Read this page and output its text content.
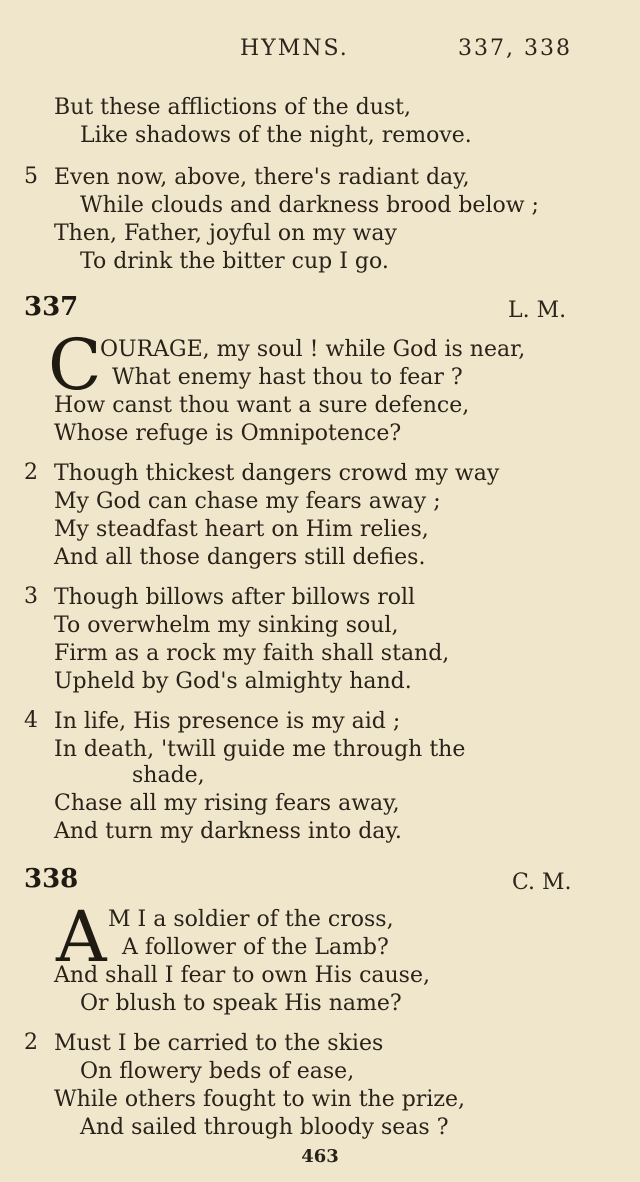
HYMNS.	337, 338
But these afflictions of the dust,
Like shadows of the night, remove.
5 Even now, above, there's radiant day,
While clouds and darkness brood below ;
Then, Father, joyful on my way
To drink the bitter cup I go.
337	L. M.
C
OURAGE, my soul ! while God is near,
What enemy hast thou to fear ?
How canst thou want a sure defence,
Whose refuge is Omnipotence?
2 Though thickest dangers crowd my way
My God can chase my fears away ;
My steadfast heart on Him relies,
And all those dangers still defies.
3 Though billows after billows roll
To overwhelm my sinking soul,
Firm as a rock my faith shall stand,
Upheld by God's almighty hand.
4 In life, His presence is my aid ;
In death, 'twill guide me through the
shade,
Chase all my rising fears away,
And turn my darkness into day.
338	C. M.
A M I a soldier of the cross,
A follower of the Lamb?
And shall I fear to own His cause,
Or blush to speak His name?
2 Must I be carried to the skies
On flowery beds of ease,
While others fought to win the prize,
And sailed through bloody seas ?
463
